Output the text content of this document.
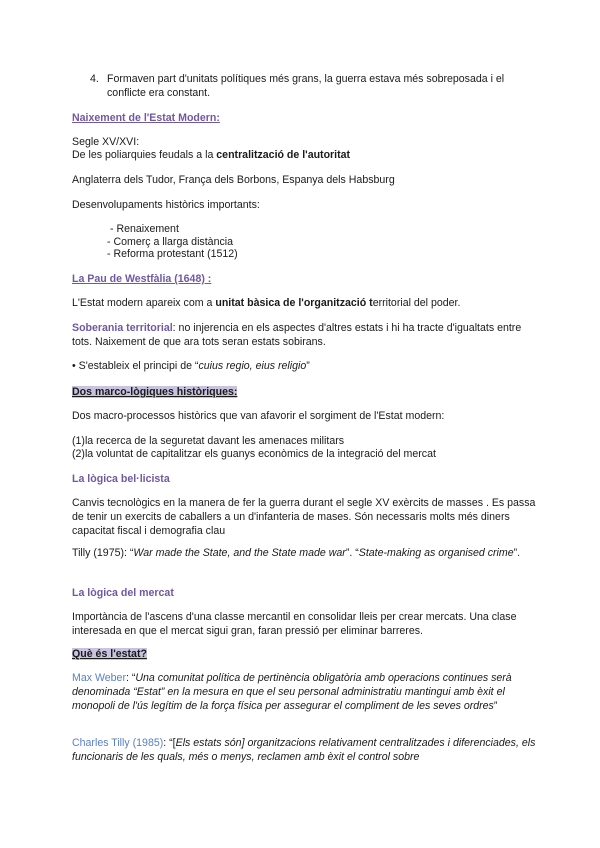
4. Formaven part d'unitats polítiques més grans, la guerra estava més sobreposada i el conflicte era constant.
Naixement de l'Estat Modern:
Segle XV/XVI:
De les poliarquies feudals a la centralització de l'autoritat
Anglaterra dels Tudor, França dels Borbons, Espanya dels Habsburg
Desenvolupaments històrics importants:
- Renaixement
- Comerç a llarga distància
- Reforma protestant (1512)
La Pau de Westfàlia (1648) :
L'Estat modern apareix com a unitat bàsica de l'organització territorial del poder.
Soberania territorial: no injerencia en els aspectes d'altres estats i hi ha tracte d'igualtats entre tots. Naixement de que ara tots seran estats sobirans.
• S'estableix el principi de “cuius regio, eius religio”
Dos marco-lògiques històriques:
Dos macro-processos històrics que van afavorir el sorgiment de l'Estat modern:
(1)la recerca de la seguretat davant les amenaces militars
(2)la voluntat de capitalitzar els guanys econòmics de la integració del mercat
La lògica bel·licista
Canvis tecnològics en la manera de fer la guerra durant el segle XV exèrcits de masses . Es passa de tenir un exercits de caballers a un d'infanteria de mases. Són necessaris molts més diners capacitat fiscal i demografia clau
Tilly (1975): “War made the State, and the State made war”. “State-making as organised crime”.
La lògica del mercat
Importància de l'ascens d'una classe mercantil en consolidar lleis per crear mercats. Una clase interesada en que el mercat sigui gran, faran pressió per eliminar barreres.
Què és l'estat?
Max Weber: “Una comunitat política de pertinència obligatòria amb operacions continues serà denominada “Estat” en la mesura en que el seu personal administratiu mantingui amb èxit el monopoli de l'ús legítim de la força física per assegurar el compliment de les seves ordres”
Charles Tilly (1985): “[Els estats són] organitzacions relativament centralitzades i diferenciades, els funcionaris de les quals, més o menys, reclamen amb èxit el control sobre
